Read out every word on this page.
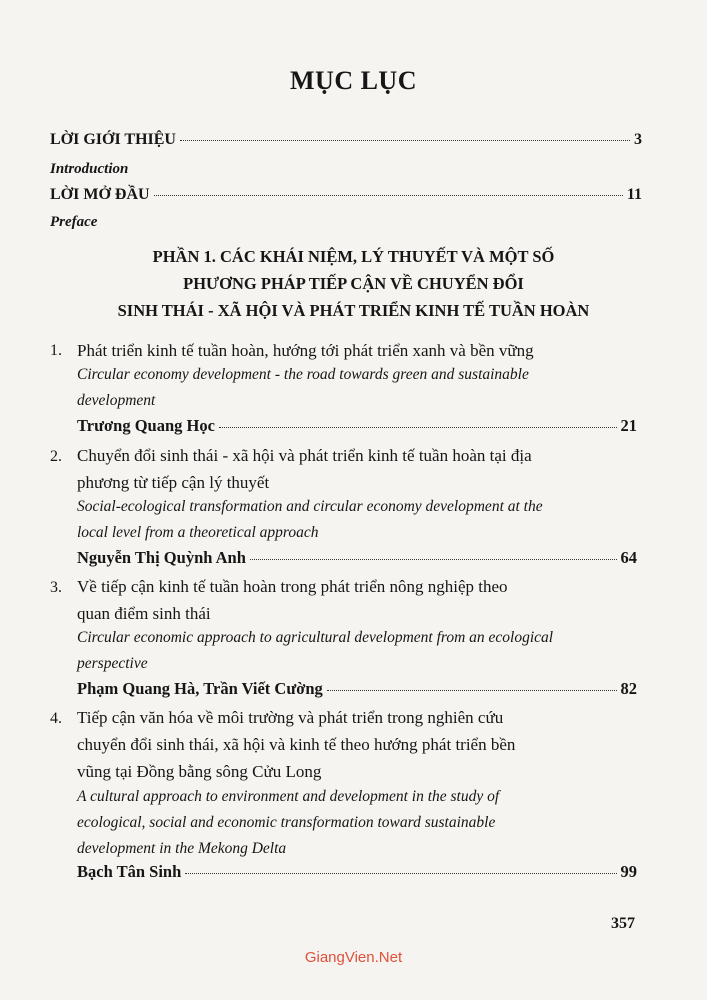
MỤC LỤC
LỜI GIỚI THIỆU	3
Introduction
LỜI MỞ ĐẦU	11
Preface
PHẦN 1. CÁC KHÁI NIỆM, LÝ THUYẾT VÀ MỘT SỐ
PHƯƠNG PHÁP TIẾP CẬN VỀ CHUYỂN ĐỔI
SINH THÁI - XÃ HỘI VÀ PHÁT TRIỂN KINH TẾ TUẦN HOÀN
1. Phát triển kinh tế tuần hoàn, hướng tới phát triển xanh và bền vững
Circular economy development - the road towards green and sustainable
development
Trương Quang Học	21
2. Chuyển đổi sinh thái - xã hội và phát triển kinh tế tuần hoàn tại địa
phương từ tiếp cận lý thuyết
Social-ecological transformation and circular economy development at the
local level from a theoretical approach
Nguyễn Thị Quỳnh Anh	64
3. Về tiếp cận kinh tế tuần hoàn trong phát triển nông nghiệp theo
quan điểm sinh thái
Circular economic approach to agricultural development from an ecological
perspective
Phạm Quang Hà, Trần Viết Cường	82
4. Tiếp cận văn hóa về môi trường và phát triển trong nghiên cứu
chuyển đổi sinh thái, xã hội và kinh tế theo hướng phát triển bền
vũng tại Đồng bằng sông Cửu Long
A cultural approach to environment and development in the study of
ecological, social and economic transformation toward sustainable
development in the Mekong Delta
Bạch Tân Sinh	99
357
GiangVien.Net
